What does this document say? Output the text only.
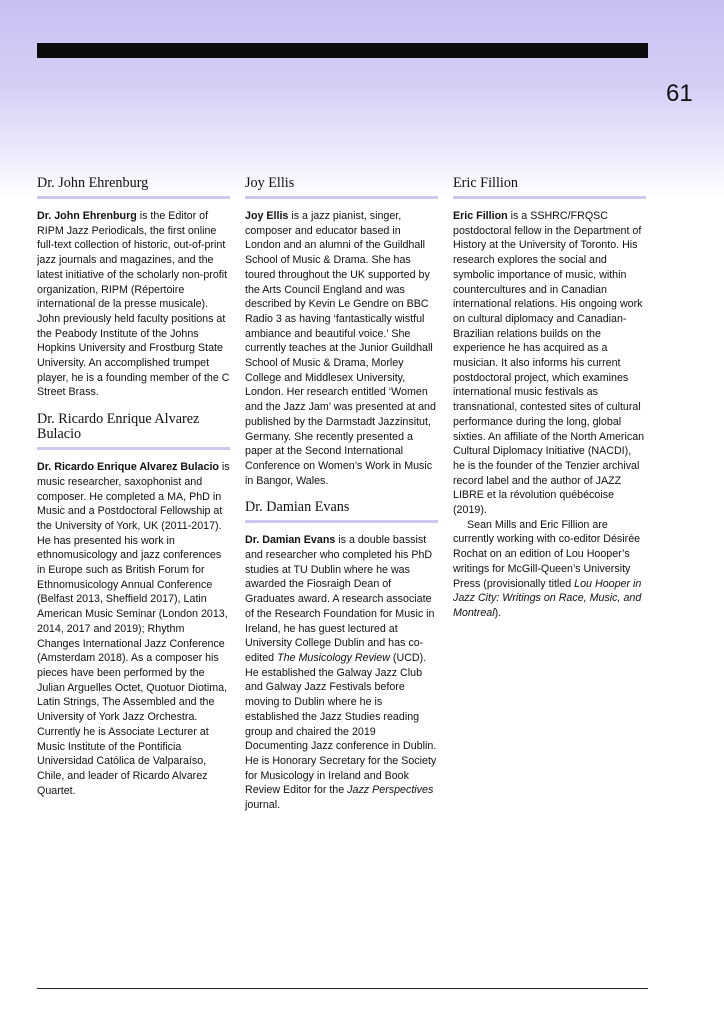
61
Dr. John Ehrenburg

Dr. John Ehrenburg is the Editor of RIPM Jazz Periodicals, the first online full-text collection of historic, out-of-print jazz journals and magazines, and the latest initiative of the scholarly non-profit organization, RIPM (Répertoire international de la presse musicale). John previously held faculty positions at the Peabody Institute of the Johns Hopkins University and Frostburg State University. An accomplished trumpet player, he is a founding member of the C Street Brass.

Dr. Ricardo Enrique Alvarez Bulacio

Dr. Ricardo Enrique Alvarez Bulacio is music researcher, saxophonist and composer. He completed a MA, PhD in Music and a Postdoctoral Fellowship at the University of York, UK (2011-2017). He has presented his work in ethnomusicology and jazz conferences in Europe such as British Forum for Ethnomusicology Annual Conference (Belfast 2013, Sheffield 2017), Latin American Music Seminar (London 2013, 2014, 2017 and 2019); Rhythm Changes International Jazz Conference (Amsterdam 2018). As a composer his pieces have been performed by the Julian Arguelles Octet, Quotuor Diotima, Latin Strings, The Assembled and the University of York Jazz Orchestra. Currently he is Associate Lecturer at Music Institute of the Pontificia Universidad Católica de Valparaíso, Chile, and leader of Ricardo Alvarez Quartet.

Joy Ellis

Joy Ellis is a jazz pianist, singer, composer and educator based in London and an alumni of the Guildhall School of Music & Drama. She has toured throughout the UK supported by the Arts Council England and was described by Kevin Le Gendre on BBC Radio 3 as having ‘fantastically wistful ambiance and beautiful voice.’ She currently teaches at the Junior Guildhall School of Music & Drama, Morley College and Middlesex University, London. Her research entitled ‘Women and the Jazz Jam’ was presented at and published by the Darmstadt Jazzinsitut, Germany. She recently presented a paper at the Second International Conference on Women’s Work in Music in Bangor, Wales.

Dr. Damian Evans

Dr. Damian Evans is a double bassist and researcher who completed his PhD studies at TU Dublin where he was awarded the Fiosraigh Dean of Graduates award. A research associate of the Research Foundation for Music in Ireland, he has guest lectured at University College Dublin and has co-edited The Musicology Review (UCD). He established the Galway Jazz Club and Galway Jazz Festivals before moving to Dublin where he is established the Jazz Studies reading group and chaired the 2019 Documenting Jazz conference in Dublin. He is Honorary Secretary for the Society for Musicology in Ireland and Book Review Editor for the Jazz Perspectives journal.

Eric Fillion

Eric Fillion is a SSHRC/FRQSC postdoctoral fellow in the Department of History at the University of Toronto. His research explores the social and symbolic importance of music, within countercultures and in Canadian international relations. His ongoing work on cultural diplomacy and Canadian-Brazilian relations builds on the experience he has acquired as a musician. It also informs his current postdoctoral project, which examines international music festivals as transnational, contested sites of cultural performance during the long, global sixties. An affiliate of the North American Cultural Diplomacy Initiative (NACDI), he is the founder of the Tenzier archival record label and the author of JAZZ LIBRE et la révolution québécoise (2019).

Sean Mills and Eric Fillion are currently working with co-editor Désirée Rochat on an edition of Lou Hooper’s writings for McGill-Queen’s University Press (provisionally titled Lou Hooper in Jazz City: Writings on Race, Music, and Montreal).
